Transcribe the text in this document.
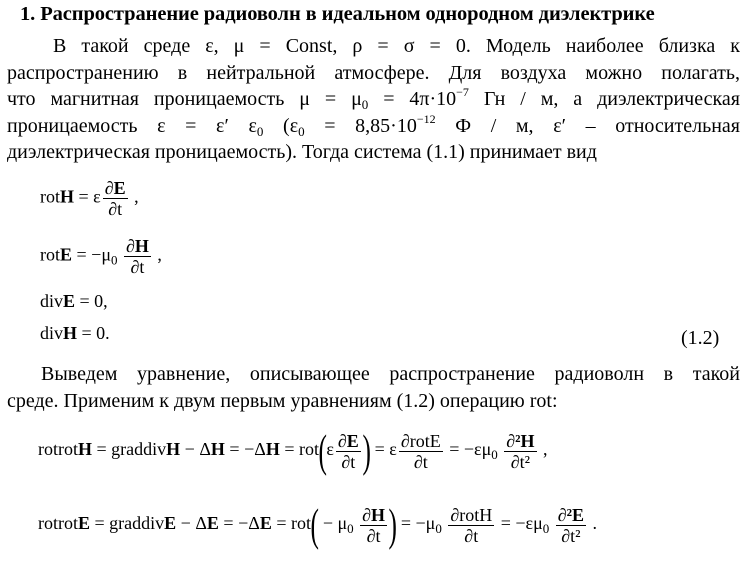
1. Распространение радиоволн в идеальном однородном диэлектрике
В такой среде ε, μ = Const, ρ = σ = 0. Модель наиболее близка к
распространению в нейтральной атмосфере. Для воздуха можно полагать,
что магнитная проницаемость $\mu = \mu_0 = 4\pi\cdot 10^{-7}$ Гн / м, а диэлектрическая
проницаемость ε = ε′ $\varepsilon_0$ ($\varepsilon_0 = 8,85\cdot 10^{-12}$ Ф / м, ε′ – относительная
диэлектрическая проницаемость). Тогда система (1.1) принимает вид
rotH = ε $\frac{\partial E}{\partial t}$ ,
rotE = $-\mu_0 \frac{\partial H}{\partial t}$ ,
divE = 0,
divH = 0.	(1.2)
Выведем уравнение, описывающее распространение радиоволн в такой
среде. Применим к двум первым уравнениям (1.2) операцию rot:
rotrotH = graddivH − $\Delta H = -\Delta H = rot(\varepsilon \frac{\partial E}{\partial t}$ ) = ε $\frac{\text{∂rotE}}{\partial t} = -\varepsilon\mu_0 \frac{\text{∂²H}}{\text{∂t²}}$ ,
rotrotE = graddivE − $\Delta E = -\Delta E = rot( - \mu_0 \frac{\partial H}{\partial t}$ ) = $-\mu_0 \frac{\text{∂rotH}}{\partial t} = -\varepsilon\mu_0 \frac{\text{∂²E}}{\text{∂t²}}$ .
